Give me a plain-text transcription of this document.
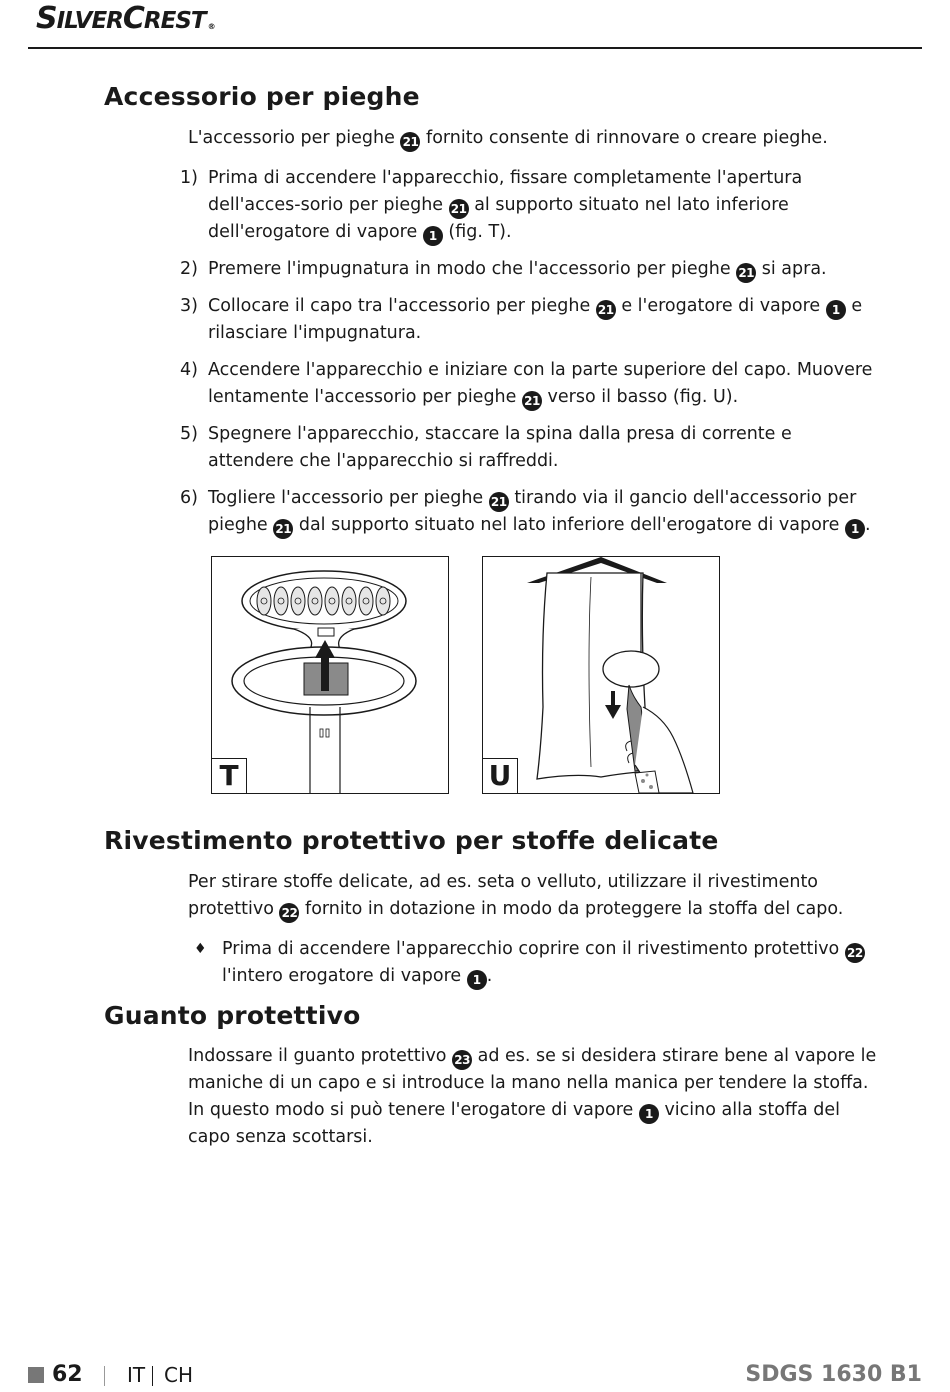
SILVERCREST ®
Accessorio per pieghe

L'accessorio per pieghe 21 fornito consente di rinnovare o creare pieghe.

1) Prima di accendere l'apparecchio, fissare completamente l'apertura dell'acces-sorio per pieghe 21 al supporto situato nel lato inferiore dell'erogatore di vapore 1 (fig. T).
2) Premere l'impugnatura in modo che l'accessorio per pieghe 21 si apra.
3) Collocare il capo tra l'accessorio per pieghe 21 e l'erogatore di vapore 1 e rilasciare l'impugnatura.
4) Accendere l'apparecchio e iniziare con la parte superiore del capo. Muovere lentamente l'accessorio per pieghe 21 verso il basso (fig. U).
5) Spegnere l'apparecchio, staccare la spina dalla presa di corrente e attendere che l'apparecchio si raffreddi.
6) Togliere l'accessorio per pieghe 21 tirando via il gancio dell'accessorio per pieghe 21 dal supporto situato nel lato inferiore dell'erogatore di vapore 1 .
T	U
Rivestimento protettivo per stoffe delicate

Per stirare stoffe delicate, ad es. seta o velluto, utilizzare il rivestimento protettivo 22 fornito in dotazione in modo da proteggere la stoffa del capo.

♦ Prima di accendere l'apparecchio coprire con il rivestimento protettivo 22 l'intero erogatore di vapore 1 .
Guanto protettivo

Indossare il guanto protettivo 23 ad es. se si desidera stirare bene al vapore le maniche di un capo e si introduce la mano nella manica per tendere la stoffa. In questo modo si può tenere l'erogatore di vapore 1 vicino alla stoffa del capo senza scottarsi.

62 IT CH	SDGS 1630 B1
